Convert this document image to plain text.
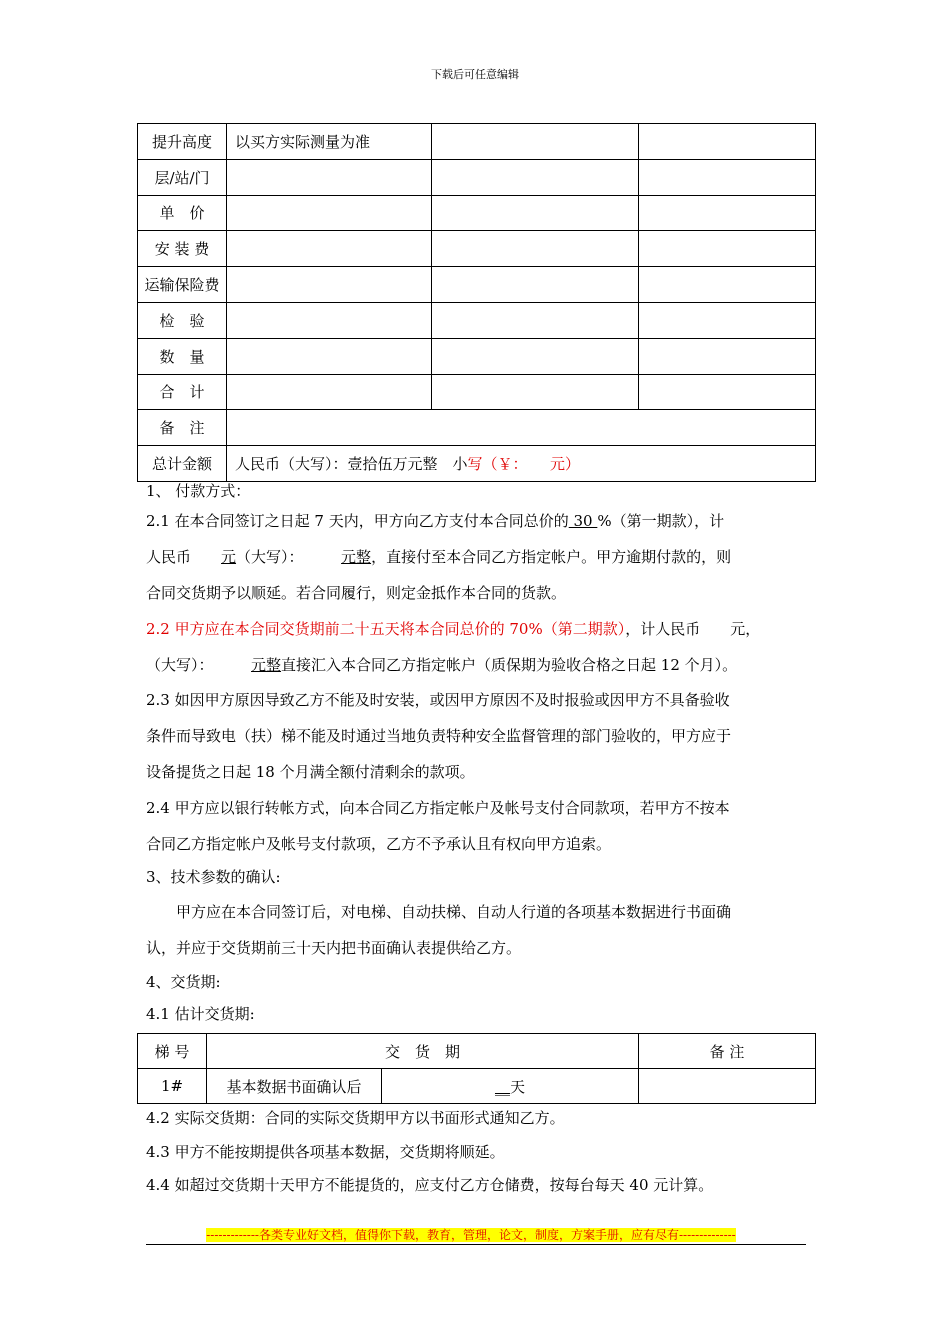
下载后可任意编辑
提升高度	以买方实际测量为准		
层/站/门			
单　价			
安 装 费			
运输保险费			
检　验			
数　量			
合　计			
备　注			
总计金额	人民币（大写）：壹拾伍万元整　小写（￥：　　元）		
1、 付款方式：
2.1 在本合同签订之日起 7 天内，甲方向乙方支付本合同总价的 30 %（第一期款），计
人民币　　元（大写）：　　　元整，直接付至本合同乙方指定帐户。甲方逾期付款的，则
合同交货期予以顺延。若合同履行，则定金抵作本合同的货款。
2.2 甲方应在本合同交货期前二十五天将本合同总价的 70%（第二期款），计人民币　　元，
（大写）：　　　元整直接汇入本合同乙方指定帐户（质保期为验收合格之日起 12 个月）。
2.3 如因甲方原因导致乙方不能及时安装，或因甲方原因不及时报验或因甲方不具备验收
条件而导致电（扶）梯不能及时通过当地负责特种安全监督管理的部门验收的，甲方应于
设备提货之日起 18 个月满全额付清剩余的款项。
2.4 甲方应以银行转帐方式，向本合同乙方指定帐户及帐号支付合同款项，若甲方不按本
合同乙方指定帐户及帐号支付款项，乙方不予承认且有权向甲方追索。
3、技术参数的确认:
　　甲方应在本合同签订后，对电梯、自动扶梯、自动人行道的各项基本数据进行书面确
认，并应于交货期前三十天内把书面确认表提供给乙方。
4、交货期:
4.1 估计交货期:
梯 号	交　货　期		备 注
1#	基本数据书面确认后	__天	
4.2 实际交货期：合同的实际交货期甲方以书面形式通知乙方。
4.3 甲方不能按期提供各项基本数据，交货期将顺延。
4.4 如超过交货期十天甲方不能提货的，应支付乙方仓储费，按每台每天 40 元计算。
-------------各类专业好文档，值得你下载，教育，管理，论文，制度，方案手册，应有尽有--------------
